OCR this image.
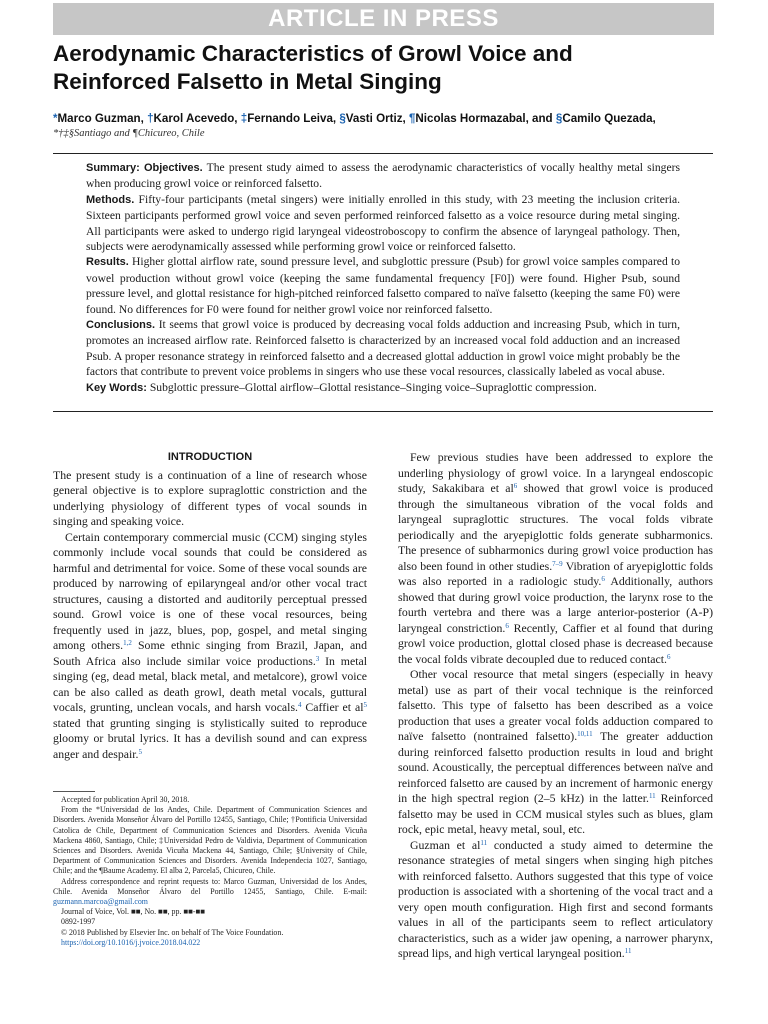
ARTICLE IN PRESS
Aerodynamic Characteristics of Growl Voice and
Reinforced Falsetto in Metal Singing
*Marco Guzman, †Karol Acevedo, ‡Fernando Leiva, §Vasti Ortiz, ¶Nicolas Hormazabal, and §Camilo Quezada,
*†‡§Santiago and ¶Chicureo, Chile

Summary: Objectives. The present study aimed to assess the aerodynamic characteristics of vocally healthy metal singers when producing growl voice or reinforced falsetto.

Methods. Fifty-four participants (metal singers) were initially enrolled in this study, with 23 meeting the inclusion criteria. Sixteen participants performed growl voice and seven performed reinforced falsetto as a voice resource during metal singing. All participants were asked to undergo rigid laryngeal videostroboscopy to confirm the absence of laryngeal pathology. Then, subjects were aerodynamically assessed while performing growl voice or reinforced falsetto.

Results. Higher glottal airflow rate, sound pressure level, and subglottic pressure (Psub) for growl voice samples compared to vowel production without growl voice (keeping the same fundamental frequency [F0]) were found. Higher Psub, sound pressure level, and glottal resistance for high-pitched reinforced falsetto compared to naïve falsetto (keeping the same F0) were found. No differences for F0 were found for neither growl voice nor reinforced falsetto.

Conclusions. It seems that growl voice is produced by decreasing vocal folds adduction and increasing Psub, which in turn, promotes an increased airflow rate. Reinforced falsetto is characterized by an increased vocal fold adduction and an increased Psub. A proper resonance strategy in reinforced falsetto and a decreased glottal adduction in growl voice might probably be the factors that contribute to prevent voice problems in singers who use these vocal resources, classically labeled as vocal abuse.

Key Words: Subglottic pressure–Glottal airflow–Glottal resistance–Singing voice–Supraglottic compression.

INTRODUCTION

The present study is a continuation of a line of research whose general objective is to explore supraglottic constriction and the underlying physiology of different types of vocal sounds in singing and speaking voice.

Certain contemporary commercial music (CCM) singing styles commonly include vocal sounds that could be considered as harmful and detrimental for voice. Some of these vocal sounds are produced by narrowing of epilaryngeal and/or other vocal tract structures, causing a distorted and auditorily perceptual pressed sound. Growl voice is one of these vocal resources, being frequently used in jazz, blues, pop, gospel, and metal singing among others.$^{1,2}$ Some ethnic singing from Brazil, Japan, and South Africa also include similar voice productions.$^3$ In metal singing (eg, dead metal, black metal, and metalcore), growl voice can be also called as death growl, death metal vocals, guttural vocals, grunting, unclean vocals, and harsh vocals.$^4$ Caffier et al$^5$ stated that grunting singing is stylistically suited to reproduce gloomy or brutal lyrics. It has a devilish sound and can express anger and despair.$^5$

Accepted for publication April 30, 2018.

From the *Universidad de los Andes, Chile. Department of Communication Sciences and Disorders. Avenida Monseñor Álvaro del Portillo 12455, Santiago, Chile; †Pontificia Universidad Catolica de Chile, Department of Communication Sciences and Disorders. Avenida Vicuña Mackena 4860, Santiago, Chile; ‡Universidad Pedro de Valdivia, Department of Communication Sciences and Disorders. Avenida Vicuña Mackena 44, Santiago, Chile; §University of Chile, Department of Communication Sciences and Disorders. Avenida Independecia 1027, Santiago, Chile; and the ¶Baume Academy. El alba 2, Parcela5, Chicureo, Chile.

Address correspondence and reprint requests to: Marco Guzman, Universidad de los Andes, Chile. Avenida Monseñor Álvaro del Portillo 12455, Santiago, Chile. E-mail: guzmann.marcoa@gmail.com

Journal of Voice, Vol. ■■, No. ■■, pp. ■■-■■

0892-1997

© 2018 Published by Elsevier Inc. on behalf of The Voice Foundation.

https://doi.org/10.1016/j.jvoice.2018.04.022

Few previous studies have been addressed to explore the underling physiology of growl voice. In a laryngeal endoscopic study, Sakakibara et al$^6$ showed that growl voice is produced through the simultaneous vibration of the vocal folds and laryngeal supraglottic structures. The vocal folds vibrate periodically and the aryepiglottic folds generate subharmonics. The presence of subharmonics during growl voice production has also been found in other studies.$^{7-9}$ Vibration of aryepiglottic folds was also reported in a radiologic study.$^6$ Additionally, authors showed that during growl voice production, the larynx rose to the fourth vertebra and there was a large anterior-posterior (A-P) laryngeal constriction.$^6$ Recently, Caffier et al found that during growl voice production, glottal closed phase is decreased because the vocal folds vibrate decoupled due to reduced contact.$^6$

Other vocal resource that metal singers (especially in heavy metal) use as part of their vocal technique is the reinforced falsetto. This type of falsetto has been described as a voice production that uses a greater vocal folds adduction compared to naïve falsetto (nontrained falsetto).$^{10,11}$ The greater adduction during reinforced falsetto production results in loud and bright sound. Acoustically, the perceptual differences between naïve and reinforced falsetto are caused by an increment of harmonic energy in the high spectral region (2–5 kHz) in the latter.$^{11}$ Reinforced falsetto may be used in CCM musical styles such as blues, glam rock, epic metal, heavy metal, soul, etc.

Guzman et al$^{11}$ conducted a study aimed to determine the resonance strategies of metal singers when singing high pitches with reinforced falsetto. Authors suggested that this type of voice production is associated with a shortening of the vocal tract and a very open mouth configuration. High first and second formants values in all of the participants seem to reflect articulatory characteristics, such as a wider jaw opening, a narrower pharynx, spread lips, and high vertical laryngeal position.$^{11}$
